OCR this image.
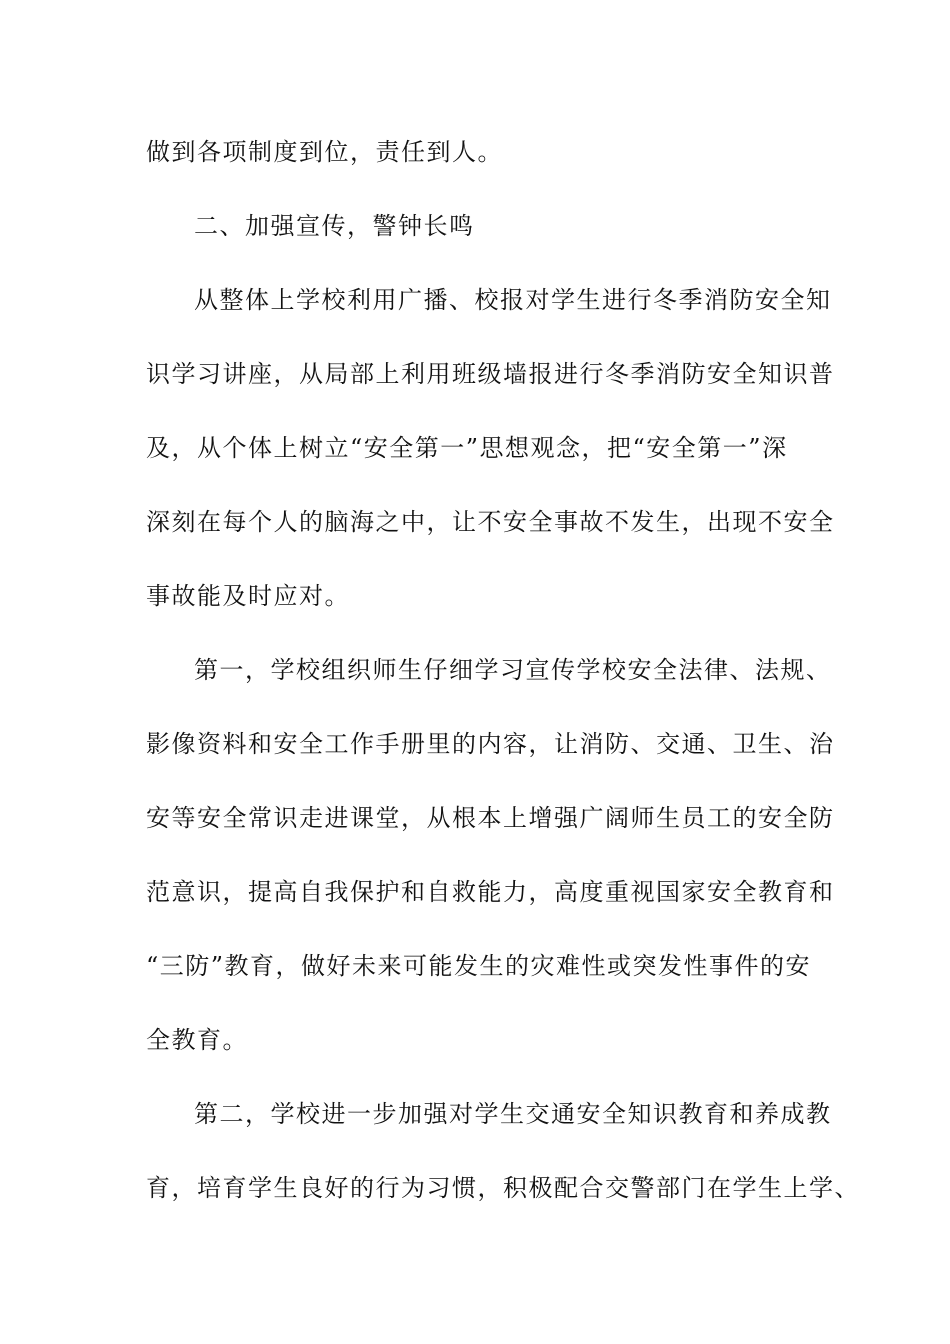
做到各项制度到位，责任到人。
二、加强宣传，警钟长鸣
从整体上学校利用广播、校报对学生进行冬季消防安全知
识学习讲座，从局部上利用班级墙报进行冬季消防安全知识普
及，从个体上树立“安全第一”思想观念，把“安全第一”深
深刻在每个人的脑海之中，让不安全事故不发生，出现不安全
事故能及时应对。
第一，学校组织师生仔细学习宣传学校安全法律、法规、
影像资料和安全工作手册里的内容，让消防、交通、卫生、治
安等安全常识走进课堂，从根本上增强广阔师生员工的安全防
范意识，提高自我保护和自救能力，高度重视国家安全教育和
“三防”教育，做好未来可能发生的灾难性或突发性事件的安
全教育。
第二，学校进一步加强对学生交通安全知识教育和养成教
育，培育学生良好的行为习惯，积极配合交警部门在学生上学、
